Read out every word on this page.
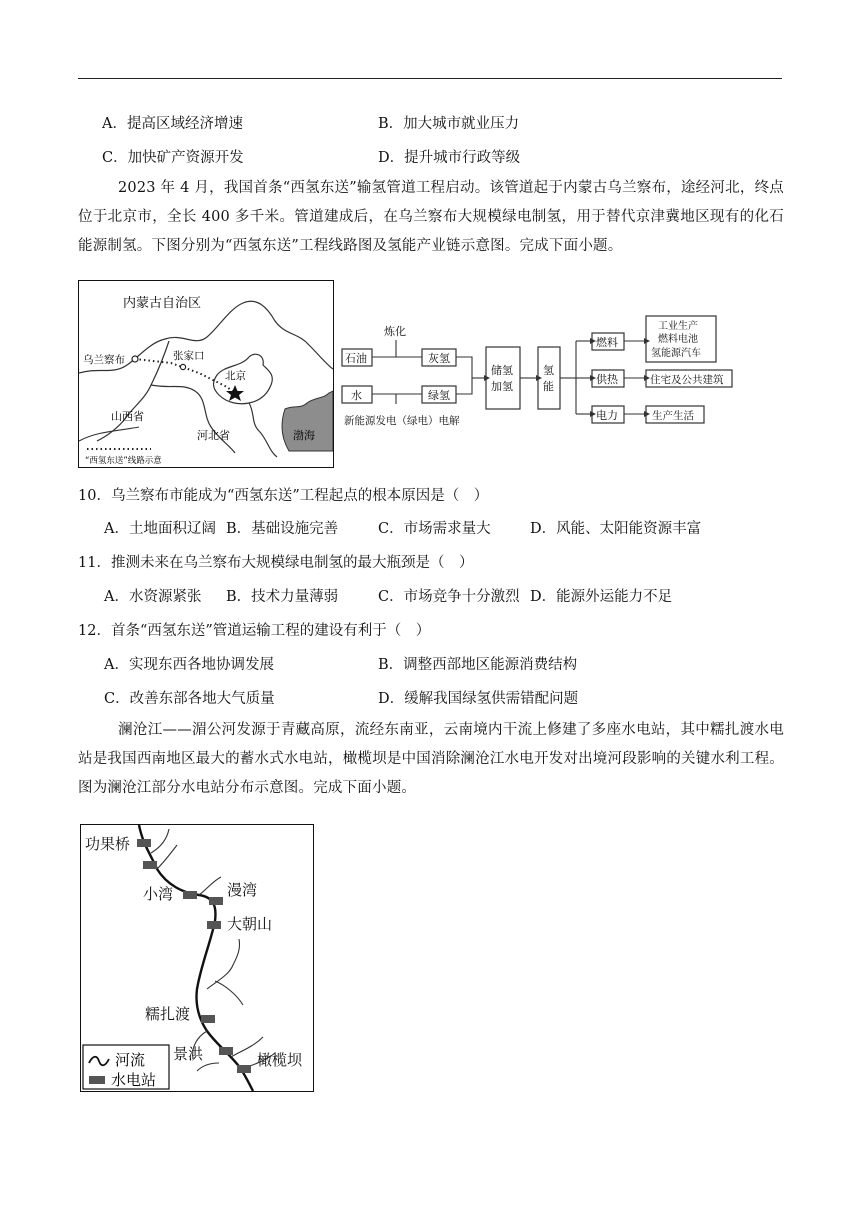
A．提高区域经济增速	B．加大城市就业压力
C．加快矿产资源开发	D．提升城市行政等级
2023 年 4 月，我国首条“西氢东送”输氢管道工程启动。该管道起于内蒙古乌兰察布，途经河北，终点位于北京市，全长 400 多千米。管道建成后，在乌兰察布大规模绿电制氢，用于替代京津冀地区现有的化石能源制氢。下图分别为“西氢东送”工程线路图及氢能产业链示意图。完成下面小题。
内蒙古自治区
乌兰察布	张家口
北京
山西省
河北省	渤海
“西氢东送”线路示意
炼化
石油	灰氢
水	绿氢
新能源发电（绿电）电解
储氢
加氢
氢
能
燃料
供热
电力
工业生产
燃料电池
氢能源汽车
住宅及公共建筑
生产生活
10．乌兰察布市能成为“西氢东送”工程起点的根本原因是（　）
A．土地面积辽阔 B．基础设施完善	C．市场需求量大	D．风能、太阳能资源丰富
11．推测未来在乌兰察布大规模绿电制氢的最大瓶颈是（　）
A．水资源紧张 B．技术力量薄弱	C．市场竞争十分激烈 D．能源外运能力不足
12．首条“西氢东送”管道运输工程的建设有利于（　）
A．实现东西各地协调发展	B．调整西部地区能源消费结构
C．改善东部各地大气质量	D．缓解我国绿氢供需错配问题
澜沧江——湄公河发源于青藏高原，流经东南亚，云南境内干流上修建了多座水电站，其中糯扎渡水电站是我国西南地区最大的蓄水式水电站，橄榄坝是中国消除澜沧江水电开发对出境河段影响的关键水利工程。图为澜沧江部分水电站分布示意图。完成下面小题。
功果桥
小湾	漫湾
大朝山
糯扎渡
景洪	橄榄坝
河流
水电站
